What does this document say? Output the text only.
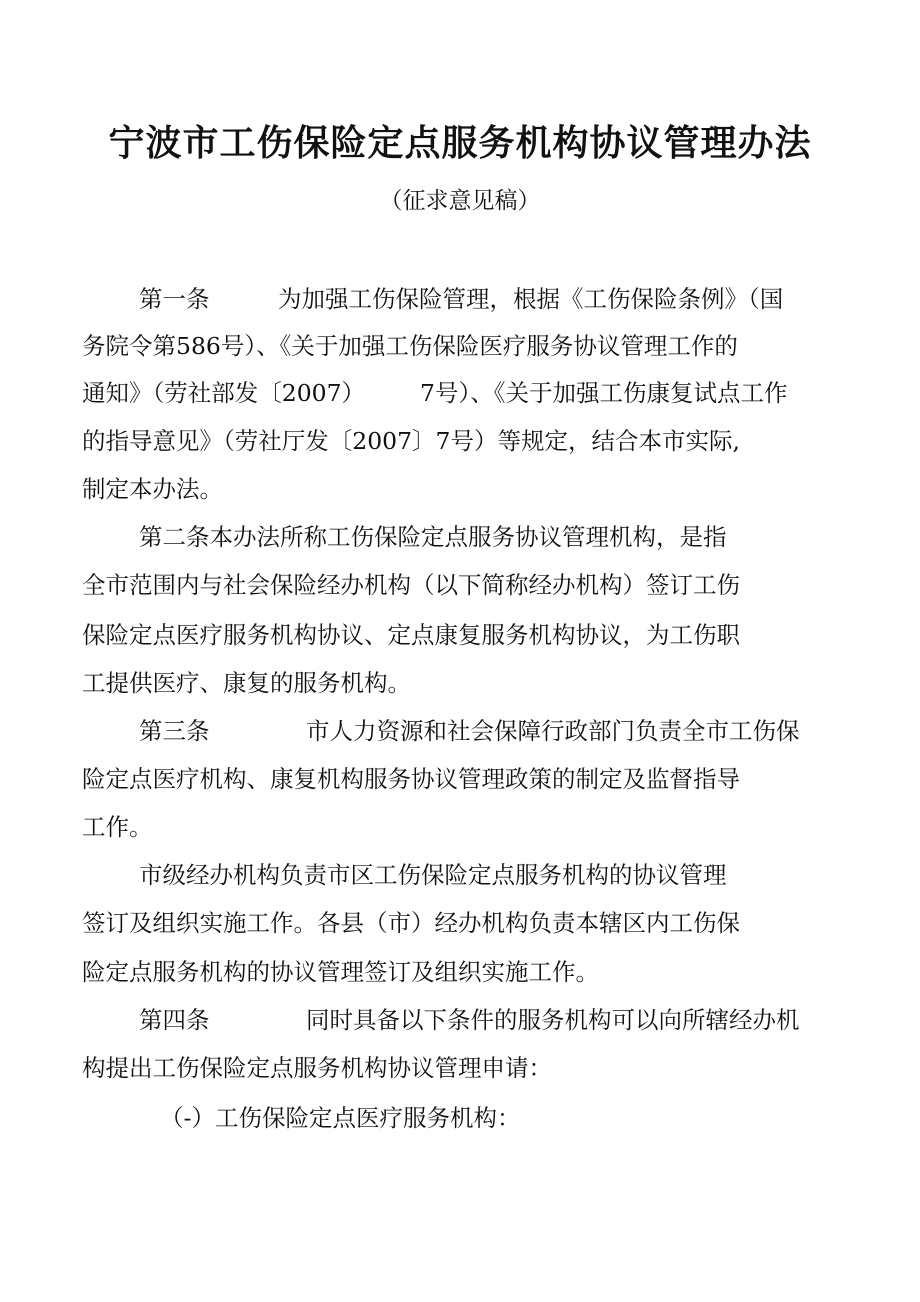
宁波市工伤保险定点服务机构协议管理办法
（征求意见稿）

第一条	为加强工伤保险管理，根据《工伤保险条例》（国

务院令第586号）、《关于加强工伤保险医疗服务协议管理工作的

通知》（劳社部发〔2007） 7号）、《关于加强工伤康复试点工作

的指导意见》（劳社厅发〔2007〕7号）等规定，结合本市实际,

制定本办法。

第二条本办法所称工伤保险定点服务协议管理机构，是指

全市范围内与社会保险经办机构（以下简称经办机构）签订工伤

保险定点医疗服务机构协议、定点康复服务机构协议，为工伤职

工提供医疗、康复的服务机构。

第三条	市人力资源和社会保障行政部门负责全市工伤保

险定点医疗机构、康复机构服务协议管理政策的制定及监督指导

工作。

市级经办机构负责市区工伤保险定点服务机构的协议管理

签订及组织实施工作。各县（市）经办机构负责本辖区内工伤保

险定点服务机构的协议管理签订及组织实施工作。

第四条	同时具备以下条件的服务机构可以向所辖经办机

构提出工伤保险定点服务机构协议管理申请：

（-）工伤保险定点医疗服务机构：
